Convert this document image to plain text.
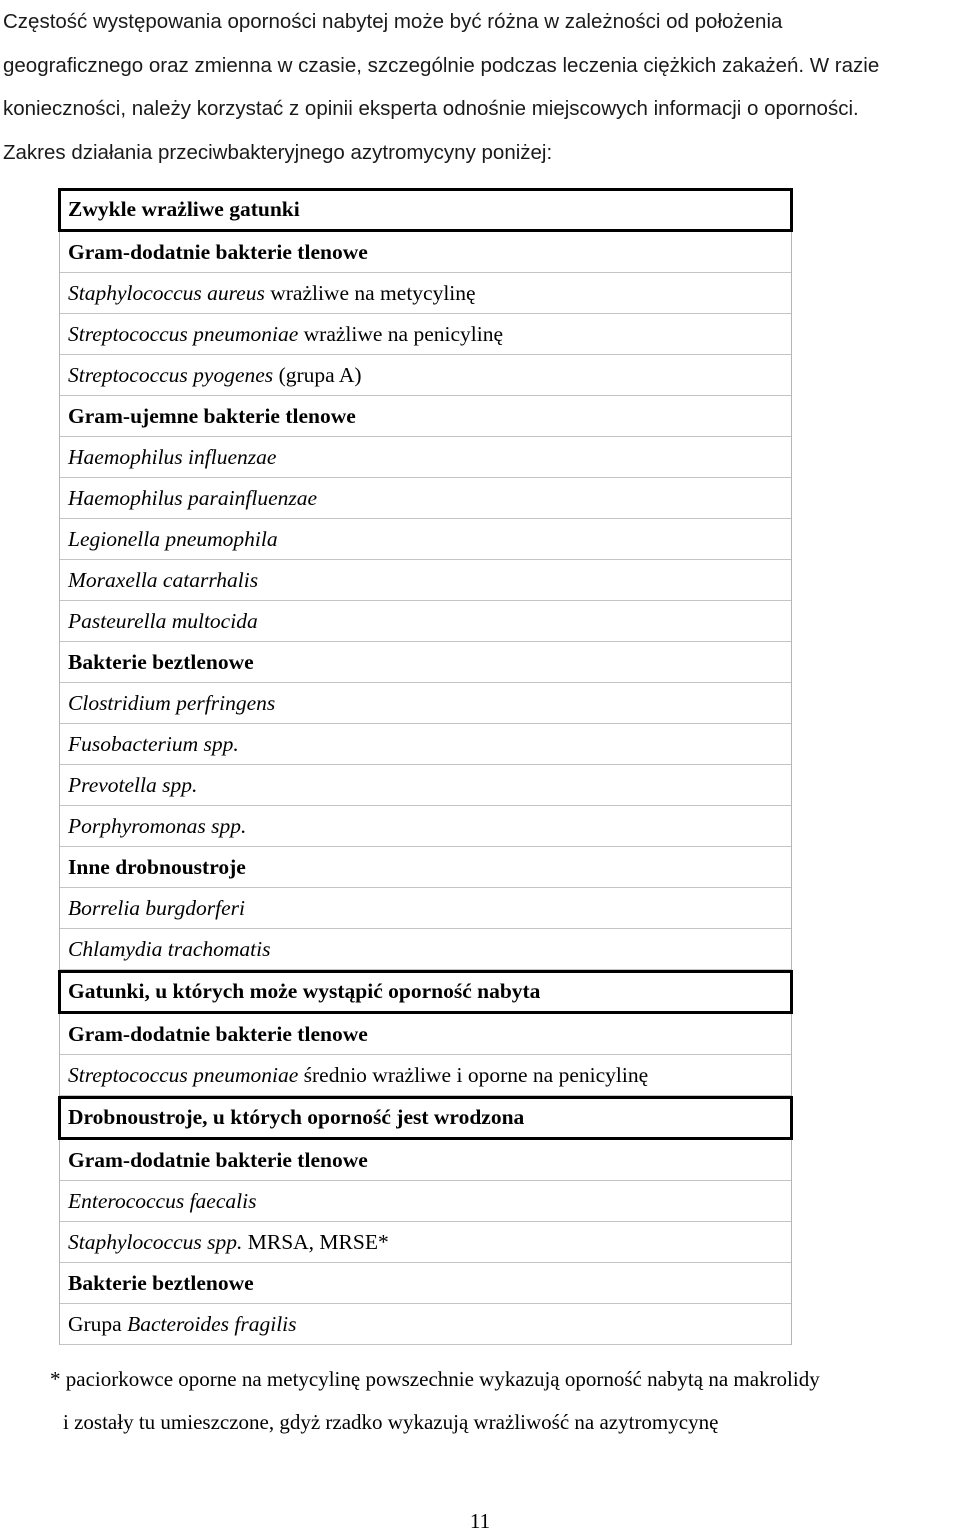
Częstość występowania oporności nabytej może być różna w zależności od położenia
geograficznego oraz zmienna w czasie, szczególnie podczas leczenia ciężkich zakażeń. W razie
konieczności, należy korzystać z opinii eksperta odnośnie miejscowych informacji o oporności.
Zakres działania przeciwbakteryjnego azytromycyny poniżej:
Zwykle wrażliwe gatunki
Gram-dodatnie bakterie tlenowe
Staphylococcus aureus wrażliwe na metycylinę
Streptococcus pneumoniae wrażliwe na penicylinę
Streptococcus pyogenes (grupa A)
Gram-ujemne bakterie tlenowe
Haemophilus influenzae
Haemophilus parainfluenzae
Legionella pneumophila
Moraxella catarrhalis
Pasteurella multocida
Bakterie beztlenowe
Clostridium perfringens
Fusobacterium spp.
Prevotella spp.
Porphyromonas spp.
Inne drobnoustroje
Borrelia burgdorferi
Chlamydia trachomatis
Gatunki, u których może wystąpić oporność nabyta
Gram-dodatnie bakterie tlenowe
Streptococcus pneumoniae średnio wrażliwe i oporne na penicylinę
Drobnoustroje, u których oporność jest wrodzona
Gram-dodatnie bakterie tlenowe
Enterococcus faecalis
Staphylococcus spp. MRSA, MRSE*
Bakterie beztlenowe
Grupa Bacteroides fragilis
* paciorkowce oporne na metycylinę powszechnie wykazują oporność nabytą na makrolidy
i zostały tu umieszczone, gdyż rzadko wykazują wrażliwość na azytromycynę
11
